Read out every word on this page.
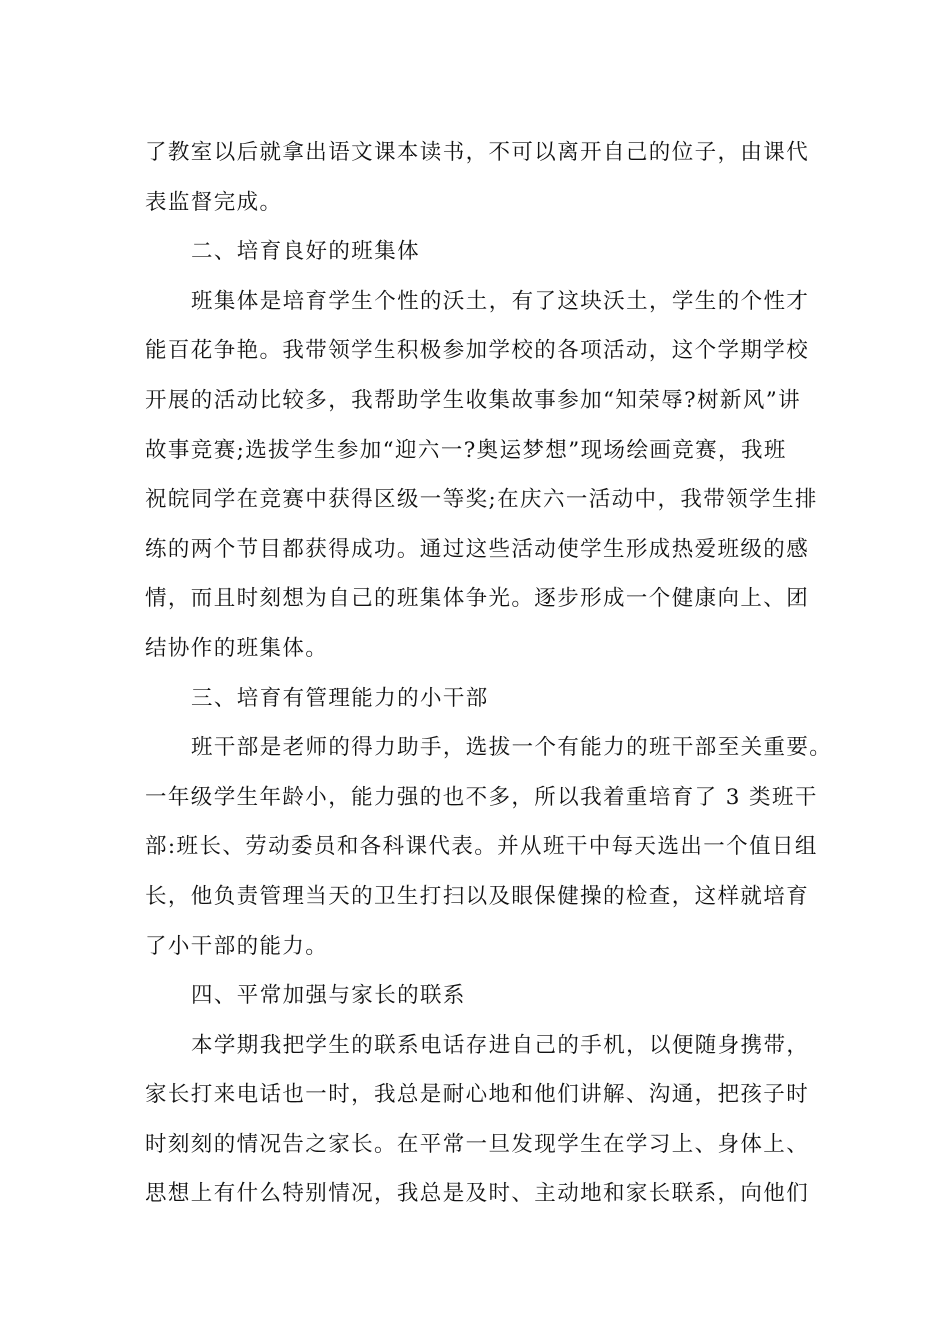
了教室以后就拿出语文课本读书，不可以离开自己的位子，由课代
表监督完成。
二、培育良好的班集体
班集体是培育学生个性的沃土，有了这块沃土，学生的个性才
能百花争艳。我带领学生积极参加学校的各项活动，这个学期学校
开展的活动比较多，我帮助学生收集故事参加“知荣辱?树新风”讲
故事竞赛;选拔学生参加“迎六一?奥运梦想”现场绘画竞赛，我班
祝皖同学在竞赛中获得区级一等奖;在庆六一活动中，我带领学生排
练的两个节目都获得成功。通过这些活动使学生形成热爱班级的感
情，而且时刻想为自己的班集体争光。逐步形成一个健康向上、团
结协作的班集体。
三、培育有管理能力的小干部
班干部是老师的得力助手，选拔一个有能力的班干部至关重要。
一年级学生年龄小，能力强的也不多，所以我着重培育了 3 类班干
部:班长、劳动委员和各科课代表。并从班干中每天选出一个值日组
长，他负责管理当天的卫生打扫以及眼保健操的检查，这样就培育
了小干部的能力。
四、平常加强与家长的联系
本学期我把学生的联系电话存进自己的手机，以便随身携带，
家长打来电话也一时，我总是耐心地和他们讲解、沟通，把孩子时
时刻刻的情况告之家长。在平常一旦发现学生在学习上、身体上、
思想上有什么特别情况，我总是及时、主动地和家长联系，向他们
